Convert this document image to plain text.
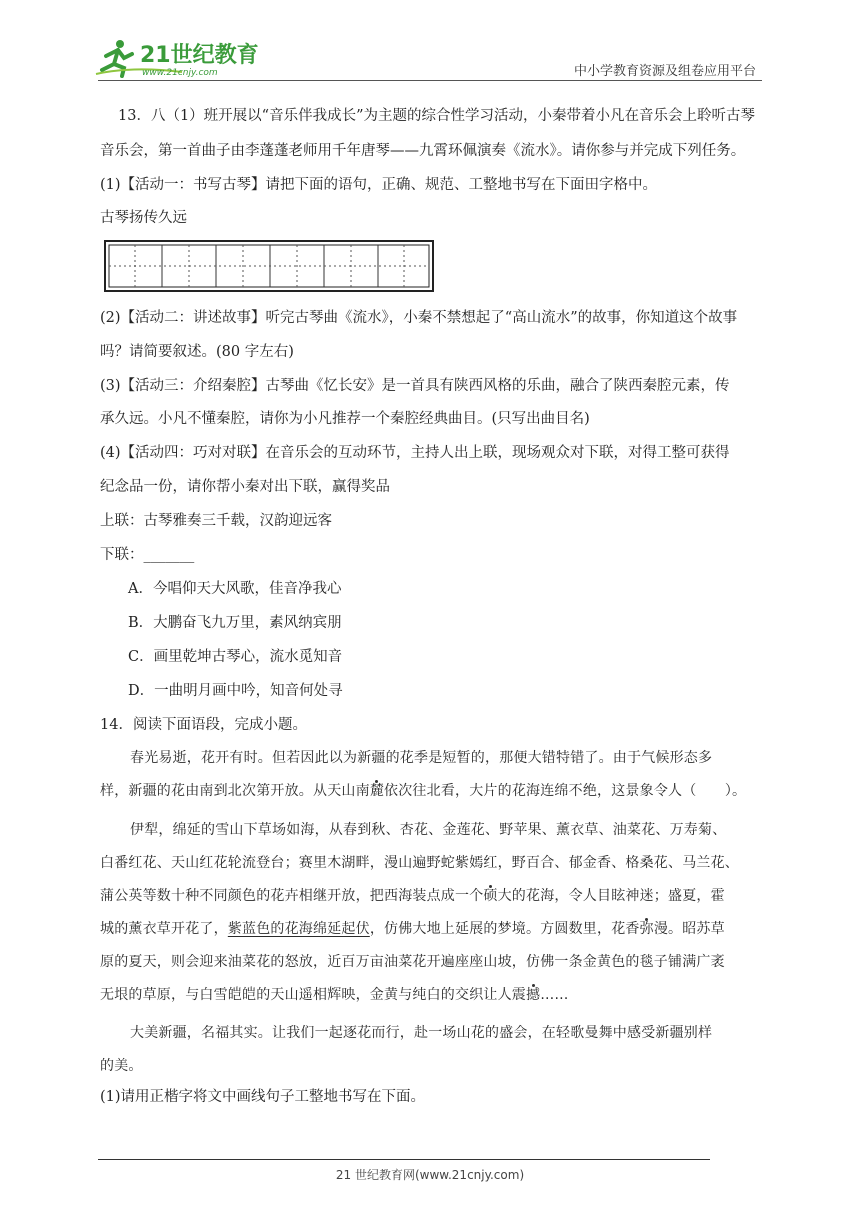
21世纪教育
www.21cnjy.com	中小学教育资源及组卷应用平台
13．八（1）班开展以“音乐伴我成长”为主题的综合性学习活动，小秦带着小凡在音乐会上聆听古琴
音乐会，第一首曲子由李蓬蓬老师用千年唐琴——九霄环佩演奏《流水》。请你参与并完成下列任务。
(1)【活动一：书写古琴】请把下面的语句，正确、规范、工整地书写在下面田字格中。
古琴扬传久远
(2)【活动二：讲述故事】听完古琴曲《流水》，小秦不禁想起了“高山流水”的故事，你知道这个故事
吗？请简要叙述。(80 字左右)
(3)【活动三：介绍秦腔】古琴曲《忆长安》是一首具有陕西风格的乐曲，融合了陕西秦腔元素，传
承久远。小凡不懂秦腔，请你为小凡推荐一个秦腔经典曲目。(只写出曲目名)
(4)【活动四：巧对对联】在音乐会的互动环节，主持人出上联，现场观众对下联，对得工整可获得
纪念品一份，请你帮小秦对出下联，赢得奖品
上联：古琴雅奏三千载，汉韵迎远客
下联：_______
A．今唱仰天大风歌，佳音净我心
B．大鹏奋飞九万里，素风纳宾朋
C．画里乾坤古琴心，流水觅知音
D．一曲明月画中吟，知音何处寻
14．阅读下面语段，完成小题。
春光易逝，花开有时。但若因此以为新疆的花季是短暂的，那便大错特错了。由于气候形态多
样，新疆的花由南到北次第开放。从天山南麓依次往北看，大片的花海连绵不绝，这景象令人（　　）。
伊犁，绵延的雪山下草场如海，从春到秋、杏花、金莲花、野苹果、薰衣草、油菜花、万寿菊、
白番红花、天山红花轮流登台；赛里木湖畔，漫山遍野蛇紫嫣红，野百合、郁金香、格桑花、马兰花、
蒲公英等数十种不同颜色的花卉相继开放，把西海装点成一个硕大的花海，令人目眩神迷；盛夏，霍
城的薰衣草开花了，紫蓝色的花海绵延起伏，仿佛大地上延展的梦境。方圆数里，花香弥漫。昭苏草
原的夏天，则会迎来油菜花的怒放，近百万亩油菜花开遍座座山坡，仿佛一条金黄色的毯子铺满广袤
无垠的草原，与白雪皑皑的天山遥相辉映，金黄与纯白的交织让人震撼……
大美新疆，名福其实。让我们一起逐花而行，赴一场山花的盛会，在轻歌曼舞中感受新疆别样
的美。
(1)请用正楷字将文中画线句子工整地书写在下面。
21 世纪教育网(www.21cnjy.com)
